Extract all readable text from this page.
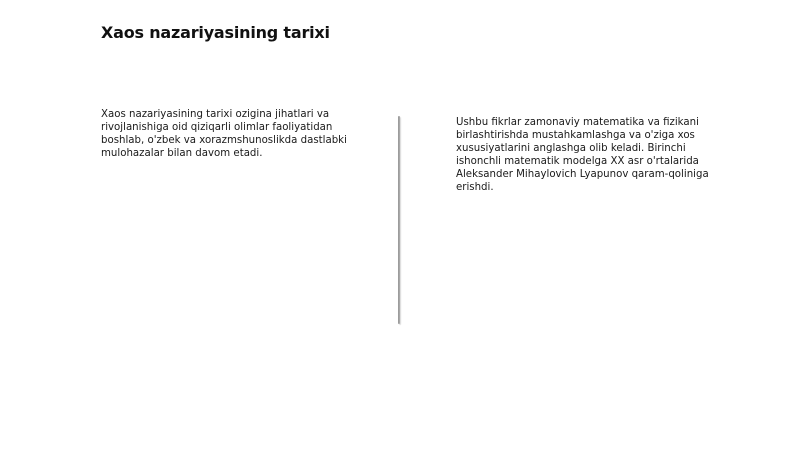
Xaos nazariyasining tarixi

Xaos nazariyasining tarixi ozigina jihatlari va rivojlanishiga oid qiziqarli olimlar faoliyatidan boshlab, o'zbek va xorazmshunoslikda dastlabki mulohazalar bilan davom etadi.

Ushbu fikrlar zamonaviy matematika va fizikani birlashtirishda mustahkamlashga va o'ziga xos xususiyatlarini anglashga olib keladi. Birinchi ishonchli matematik modelga XX asr o'rtalarida Aleksander Mihaylovich Lyapunov qaram-qoliniga erishdi.
